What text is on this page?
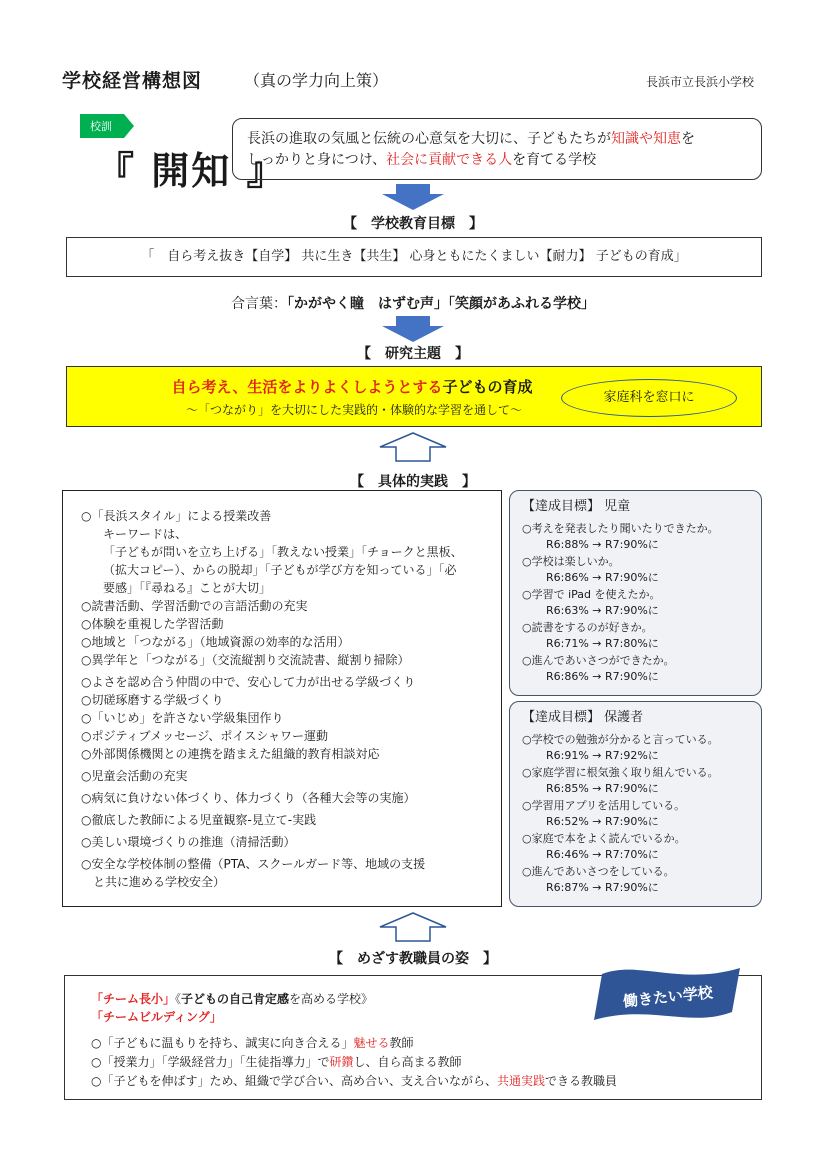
学校経営構想図	（真の学力向上策）	長浜市立長浜小学校
校訓
『 開知 』
長浜の進取の気風と伝統の心意気を大切に、子どもたちが知識や知恵を
しっかりと身につけ、社会に貢献できる人を育てる学校
【　学校教育目標　】
「　自ら考え抜き【自学】 共に生き【共生】 心身ともにたくましい【耐力】 子どもの育成」
合言葉：「かがやく瞳　はずむ声」「笑顔があふれる学校」
【　研究主題　】
自ら考え、生活をよりよくしようとする子どもの育成
～「つながり」を大切にした実践的・体験的な学習を通して～
家庭科を窓口に
【　具体的実践　】
○「長浜スタイル」による授業改善
キーワードは、
「子どもが問いを立ち上げる」「教えない授業」「チョークと黒板、
（拡大コピー）、からの脱却」「子どもが学び方を知っている」「必
要感」「『尋ねる』ことが大切」
○読書活動、学習活動での言語活動の充実
○体験を重視した学習活動
○地域と「つながる」（地域資源の効率的な活用）
○異学年と「つながる」（交流縦割り交流読書、縦割り掃除）
○よさを認め合う仲間の中で、安心して力が出せる学級づくり
○切磋琢磨する学級づくり
○「いじめ」を許さない学級集団作り
○ポジティブメッセージ、ポイスシャワー運動
○外部関係機関との連携を踏まえた組織的教育相談対応
○児童会活動の充実
○病気に負けない体づくり、体力づくり（各種大会等の実施）
○徹底した教師による児童観察-見立て-実践
○美しい環境づくりの推進（清掃活動）
○安全な学校体制の整備（PTA、スクールガード等、地域の支援
と共に進める学校安全）
【達成目標】 児童
○考えを発表したり聞いたりできたか。
R6:88% → R7:90%に
○学校は楽しいか。
R6:86% → R7:90%に
○学習で iPad を使えたか。
R6:63% → R7:90%に
○読書をするのが好きか。
R6:71% → R7:80%に
○進んであいさつができたか。
R6:86% → R7:90%に
【達成目標】 保護者
○学校での勉強が分かると言っている。
R6:91% → R7:92%に
○家庭学習に根気強く取り組んでいる。
R6:85% → R7:90%に
○学習用アプリを活用している。
R6:52% → R7:90%に
○家庭で本をよく読んでいるか。
R6:46% → R7:70%に
○進んであいさつをしている。
R6:87% → R7:90%に
【　めざす教職員の姿　】
「チーム長小」《子どもの自己肯定感を高める学校》
「チームビルディング」
○「子どもに温もりを持ち、誠実に向き合える」魅せる教師
○「授業力」「学級経営力」「生徒指導力」で研鑽し、自ら高まる教師
○「子どもを伸ばす」ため、組織で学び合い、高め合い、支え合いながら、共通実践できる教職員
働きたい学校
